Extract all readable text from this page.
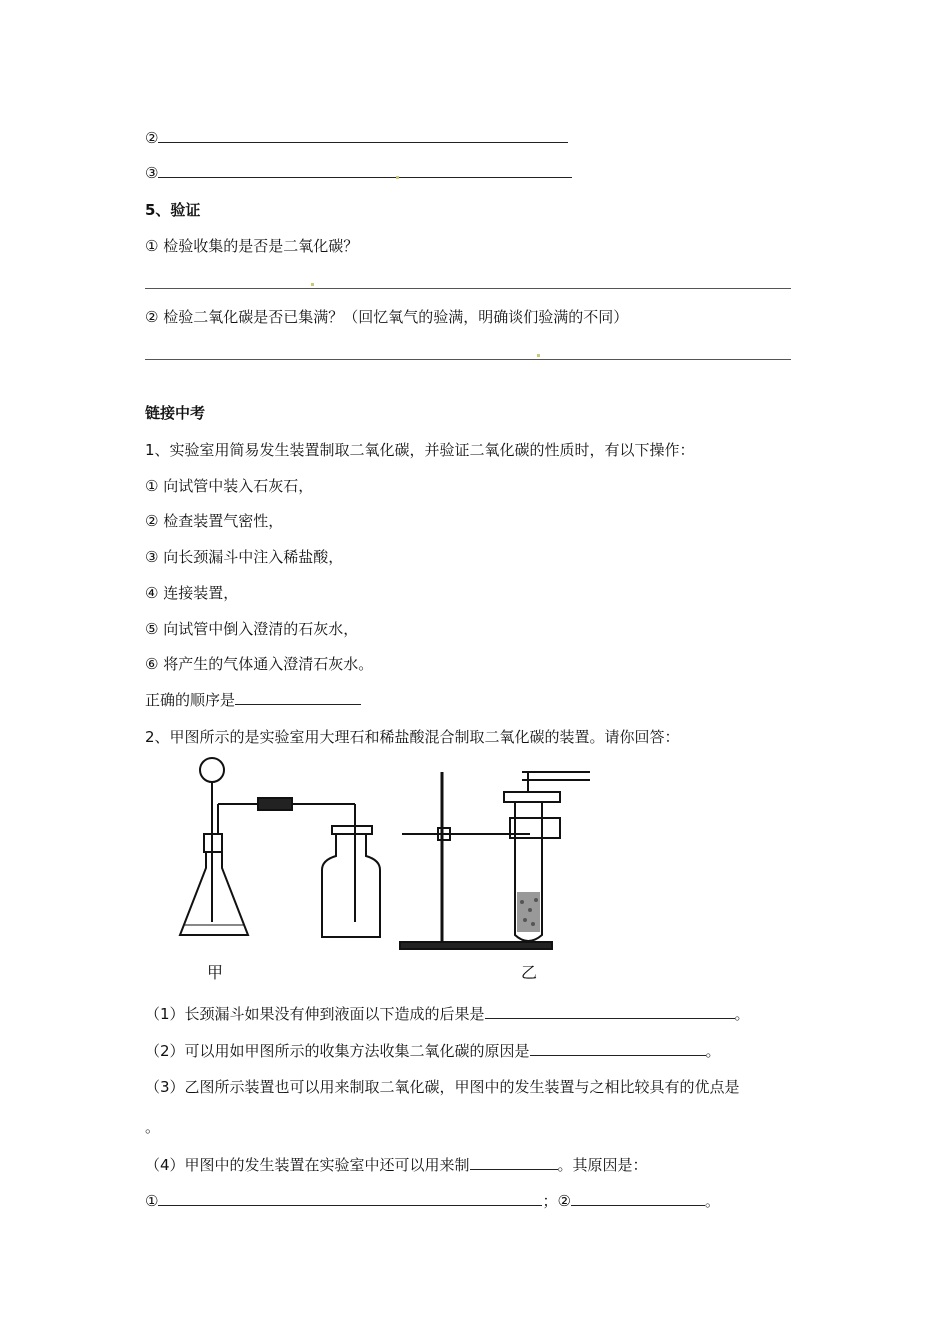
②
③
5、验证
① 检验收集的是否是二氧化碳？
② 检验二氧化碳是否已集满？（回忆氧气的验满，明确谈们验满的不同）
链接中考
1、实验室用简易发生装置制取二氧化碳，并验证二氧化碳的性质时，有以下操作：
① 向试管中装入石灰石，
② 检查装置气密性，
③ 向长颈漏斗中注入稀盐酸，
④ 连接装置，
⑤ 向试管中倒入澄清的石灰水，
⑥ 将产生的气体通入澄清石灰水。
正确的顺序是
2、甲图所示的是实验室用大理石和稀盐酸混合制取二氧化碳的装置。请你回答：
甲	乙
（1）长颈漏斗如果没有伸到液面以下造成的后果是	。
（2）可以用如甲图所示的收集方法收集二氧化碳的原因是	。
（3）乙图所示装置也可以用来制取二氧化碳，甲图中的发生装置与之相比较具有的优点是
。
（4）甲图中的发生装置在实验室中还可以用来制	。其原因是：
①	；②	。
